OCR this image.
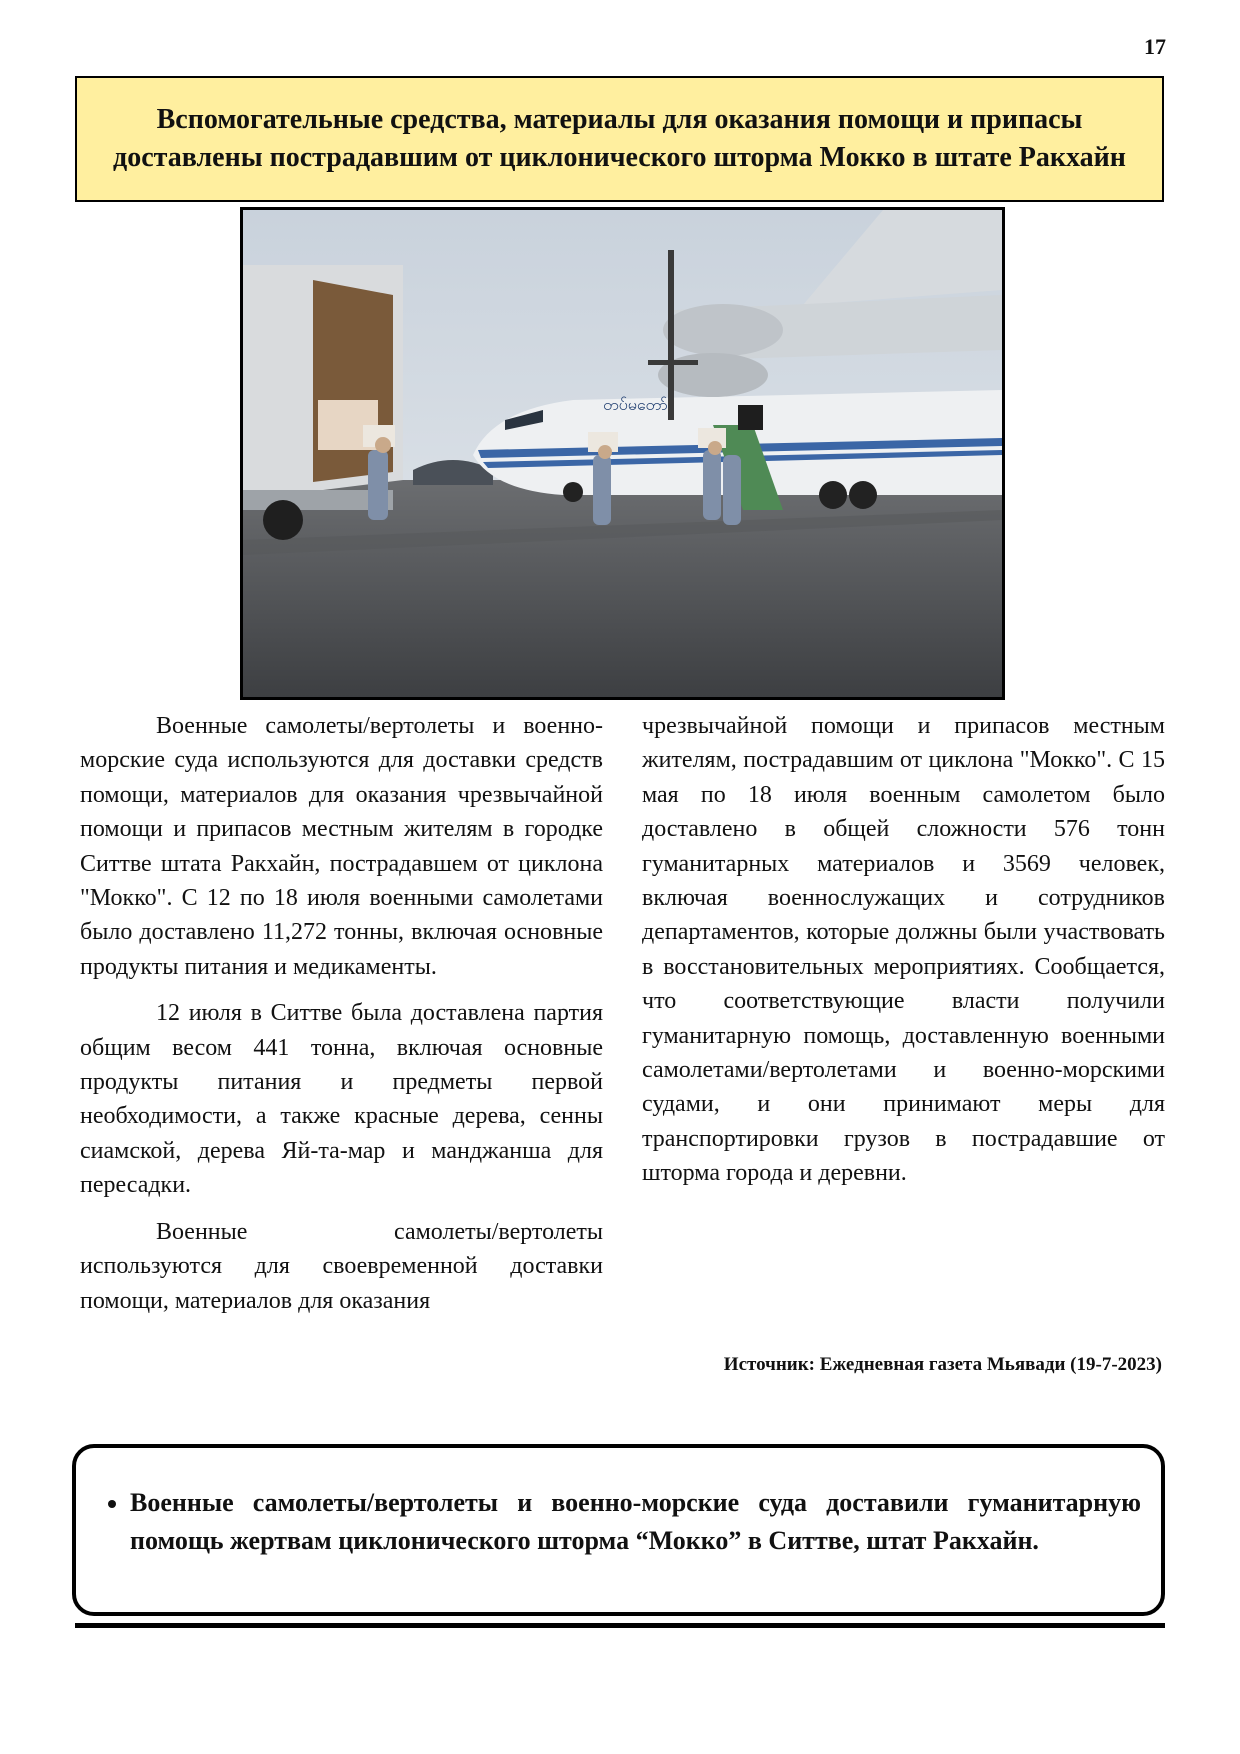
17
Вспомогательные средства, материалы для оказания помощи и припасы доставлены пострадавшим от циклонического шторма Мокко в штате Ракхайн
တပ်မတော်

Военные самолеты/вертолеты и военно-морские суда используются для доставки средств помощи, материалов для оказания чрезвычайной помощи и припасов местным жителям в городке Ситтве штата Ракхайн, пострадавшем от циклона "Мокко". С 12 по 18 июля военными самолетами было доставлено 11,272 тонны, включая основные продукты питания и медикаменты.

12 июля в Ситтве была доставлена партия общим весом 441 тонна, включая основные продукты питания и предметы первой необходимости, а также красные дерева, сенны сиамской, дерева Яй-та-мар и манджанша для пересадки.

Военные самолеты/вертолеты используются для своевременной доставки помощи, материалов для оказания

чрезвычайной помощи и припасов местным жителям, пострадавшим от циклона "Мокко". С 15 мая по 18 июля военным самолетом было доставлено в общей сложности 576 тонн гуманитарных материалов и 3569 человек, включая военнослужащих и сотрудников департаментов, которые должны были участвовать в восстановительных мероприятиях. Сообщается, что соответствующие власти получили гуманитарную помощь, доставленную военными самолетами/вертолетами и военно-морскими судами, и они принимают меры для транспортировки грузов в пострадавшие от шторма города и деревни.

Источник: Ежедневная газета Мьявади (19-7-2023)
• Военные самолеты/вертолеты и военно-морские суда доставили гуманитарную помощь жертвам циклонического шторма “Мокко” в Ситтве, штат Ракхайн.
